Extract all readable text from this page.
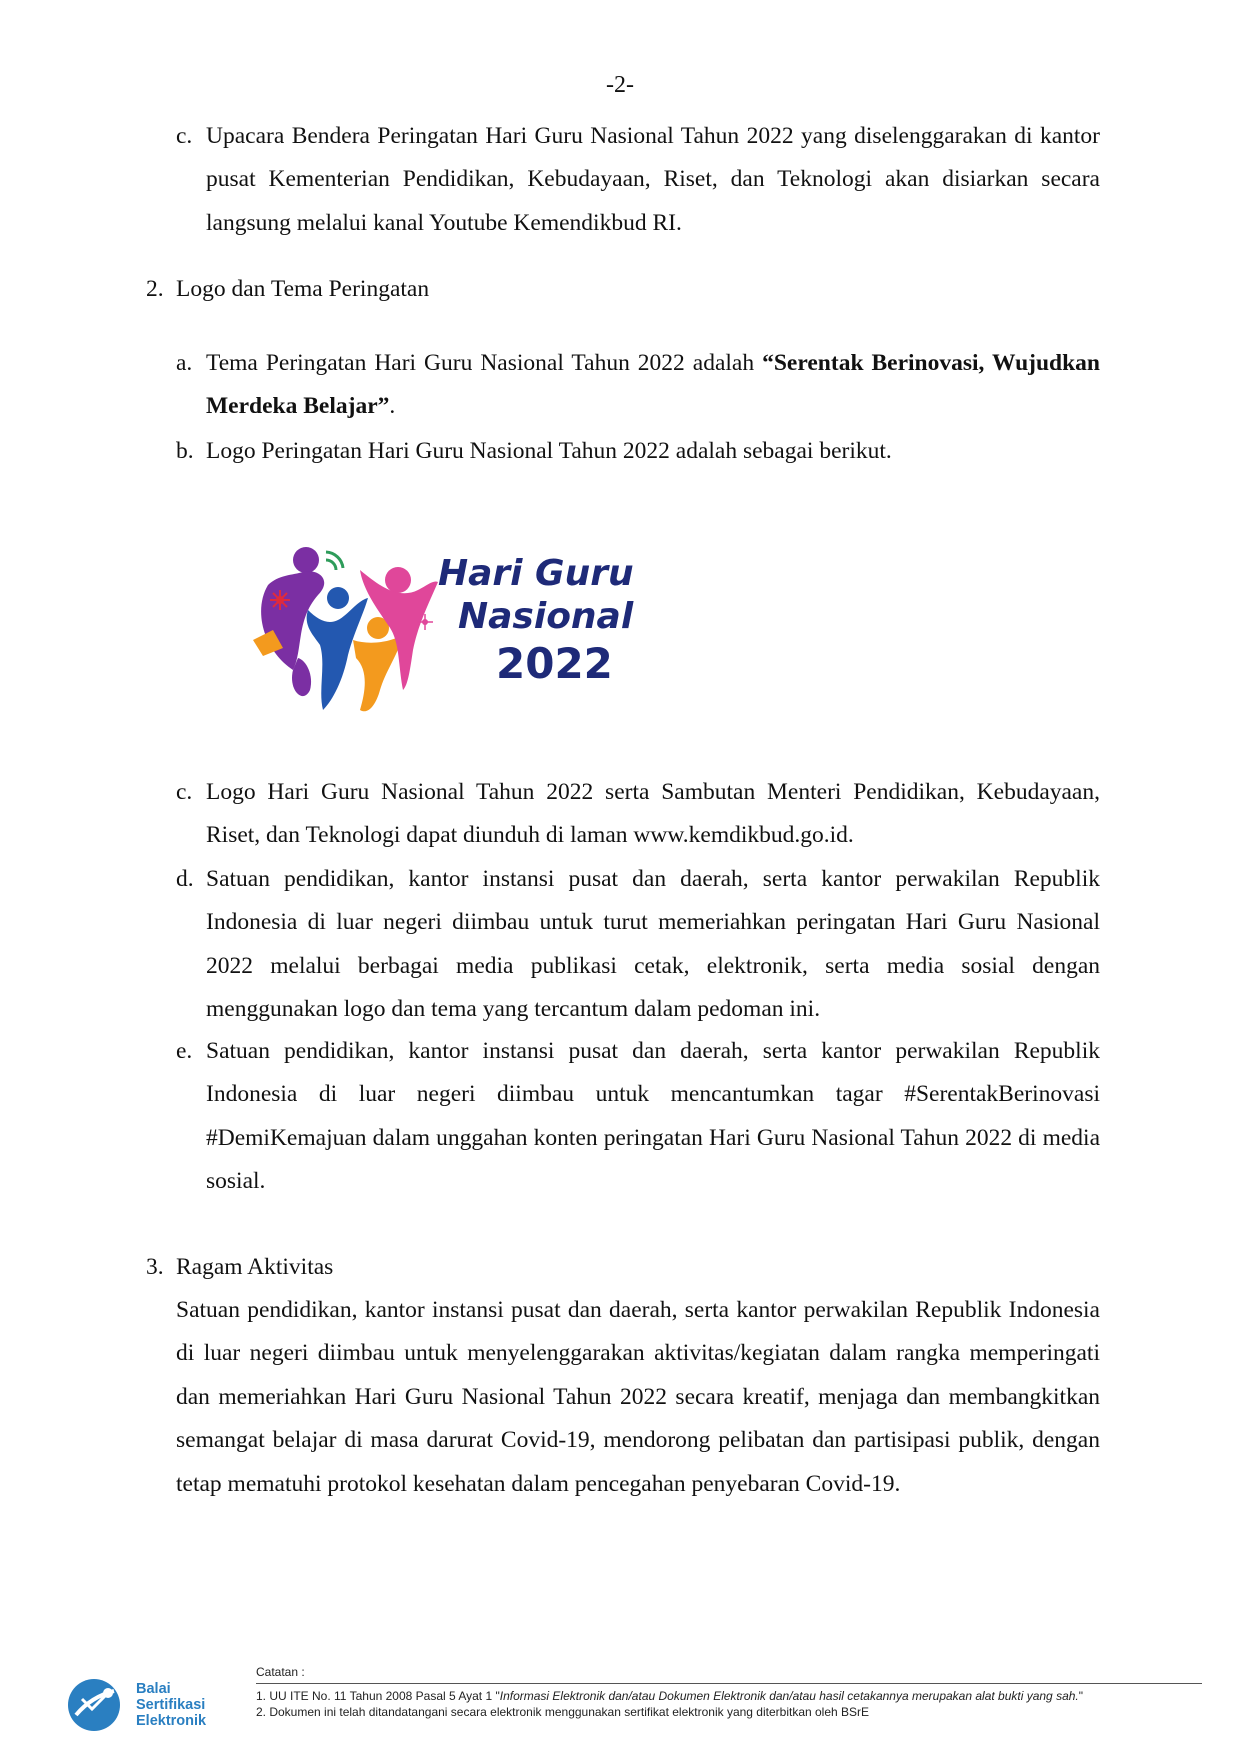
-2-
c. Upacara Bendera Peringatan Hari Guru Nasional Tahun 2022 yang diselenggarakan di kantor pusat Kementerian Pendidikan, Kebudayaan, Riset, dan Teknologi akan disiarkan secara langsung melalui kanal Youtube Kemendikbud RI.
2. Logo dan Tema Peringatan
a. Tema Peringatan Hari Guru Nasional Tahun 2022 adalah “Serentak Berinovasi, Wujudkan Merdeka Belajar”.
b. Logo Peringatan Hari Guru Nasional Tahun 2022 adalah sebagai berikut.
Hari Guru
Nasional
2022
c. Logo Hari Guru Nasional Tahun 2022 serta Sambutan Menteri Pendidikan, Kebudayaan, Riset, dan Teknologi dapat diunduh di laman www.kemdikbud.go.id.
d. Satuan pendidikan, kantor instansi pusat dan daerah, serta kantor perwakilan Republik Indonesia di luar negeri diimbau untuk turut memeriahkan peringatan Hari Guru Nasional 2022 melalui berbagai media publikasi cetak, elektronik, serta media sosial dengan menggunakan logo dan tema yang tercantum dalam pedoman ini.
e. Satuan pendidikan, kantor instansi pusat dan daerah, serta kantor perwakilan Republik Indonesia di luar negeri diimbau untuk mencantumkan tagar #SerentakBerinovasi #DemiKemajuan dalam unggahan konten peringatan Hari Guru Nasional Tahun 2022 di media sosial.
3. Ragam Aktivitas
Satuan pendidikan, kantor instansi pusat dan daerah, serta kantor perwakilan Republik Indonesia di luar negeri diimbau untuk menyelenggarakan aktivitas/kegiatan dalam rangka memperingati dan memeriahkan Hari Guru Nasional Tahun 2022 secara kreatif, menjaga dan membangkitkan semangat belajar di masa darurat Covid-19, mendorong pelibatan dan partisipasi publik, dengan tetap mematuhi protokol kesehatan dalam pencegahan penyebaran Covid-19.
Balai
Sertifikasi
Elektronik
Catatan :
1. UU ITE No. 11 Tahun 2008 Pasal 5 Ayat 1 "Informasi Elektronik dan/atau Dokumen Elektronik dan/atau hasil cetakannya merupakan alat bukti yang sah."
2. Dokumen ini telah ditandatangani secara elektronik menggunakan sertifikat elektronik yang diterbitkan oleh BSrE
